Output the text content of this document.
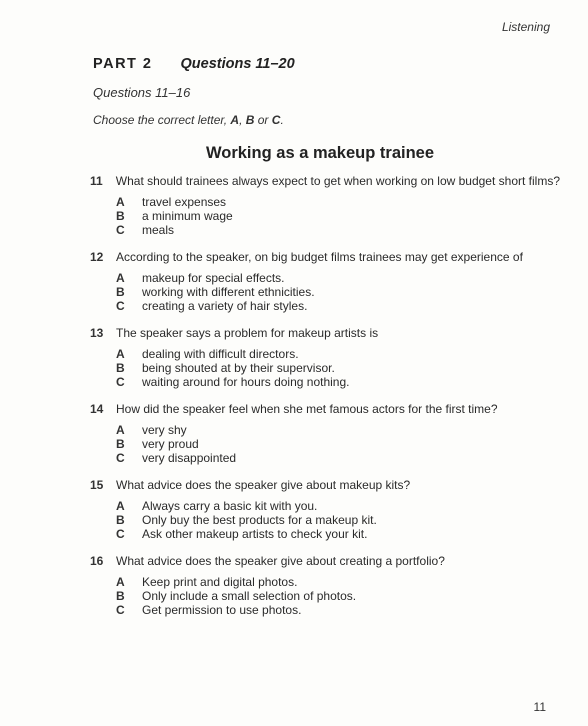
Listening
PART 2 Questions 11–20
Questions 11–16
Choose the correct letter, A, B or C.
Working as a makeup trainee
11	What should trainees always expect to get when working on low budget short films?
A	travel expenses
B	a minimum wage
C	meals
12	According to the speaker, on big budget films trainees may get experience of
A	makeup for special effects.
B	working with different ethnicities.
C	creating a variety of hair styles.
13	The speaker says a problem for makeup artists is
A	dealing with difficult directors.
B	being shouted at by their supervisor.
C	waiting around for hours doing nothing.
14	How did the speaker feel when she met famous actors for the first time?
A	very shy
B	very proud
C	very disappointed
15	What advice does the speaker give about makeup kits?
A	Always carry a basic kit with you.
B	Only buy the best products for a makeup kit.
C	Ask other makeup artists to check your kit.
16	What advice does the speaker give about creating a portfolio?
A	Keep print and digital photos.
B	Only include a small selection of photos.
C	Get permission to use photos.
11
